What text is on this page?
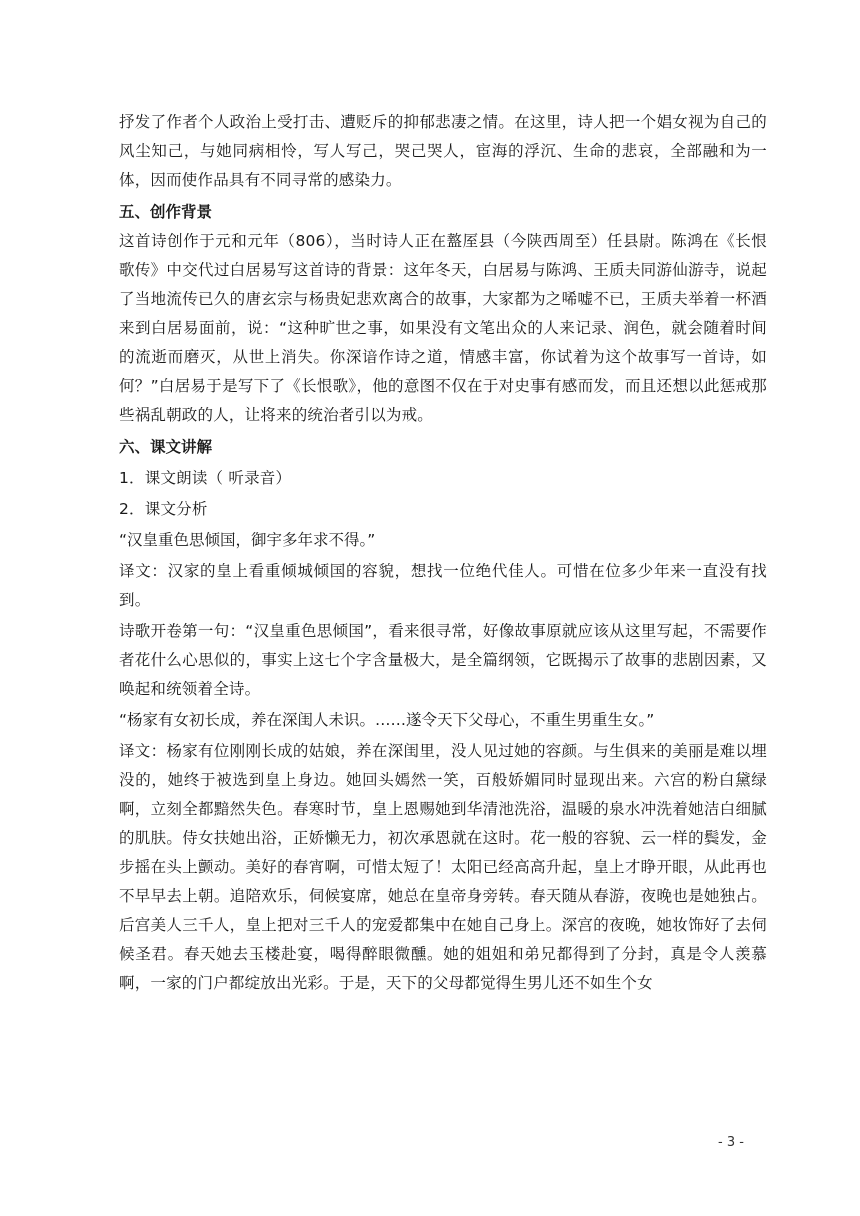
抒发了作者个人政治上受打击、遭贬斥的抑郁悲凄之情。在这里，诗人把一个娼女视为自己的风尘知己，与她同病相怜，写人写己，哭己哭人，宦海的浮沉、生命的悲哀，全部融和为一体，因而使作品具有不同寻常的感染力。

五、创作背景

这首诗创作于元和元年（806），当时诗人正在盩厔县（今陕西周至）任县尉。陈鸿在《长恨歌传》中交代过白居易写这首诗的背景：这年冬天，白居易与陈鸿、王质夫同游仙游寺，说起了当地流传已久的唐玄宗与杨贵妃悲欢离合的故事，大家都为之唏嘘不已，王质夫举着一杯酒来到白居易面前，说：“这种旷世之事，如果没有文笔出众的人来记录、润色，就会随着时间的流逝而磨灭，从世上消失。你深谙作诗之道，情感丰富，你试着为这个故事写一首诗，如何？”白居易于是写下了《长恨歌》，他的意图不仅在于对史事有感而发，而且还想以此惩戒那些祸乱朝政的人，让将来的统治者引以为戒。

六、课文讲解

1．课文朗读（ 听录音）

2．课文分析

“汉皇重色思倾国，御宇多年求不得。”

译文：汉家的皇上看重倾城倾国的容貌，想找一位绝代佳人。可惜在位多少年来一直没有找到。

诗歌开卷第一句：“汉皇重色思倾国”，看来很寻常，好像故事原就应该从这里写起，不需要作者花什么心思似的，事实上这七个字含量极大，是全篇纲领，它既揭示了故事的悲剧因素，又唤起和统领着全诗。

“杨家有女初长成，养在深闺人未识。……遂令天下父母心，不重生男重生女。”

译文：杨家有位刚刚长成的姑娘，养在深闺里，没人见过她的容颜。与生俱来的美丽是难以埋没的，她终于被选到皇上身边。她回头嫣然一笑，百般娇媚同时显现出来。六宫的粉白黛绿啊，立刻全都黯然失色。春寒时节，皇上恩赐她到华清池洗浴，温暖的泉水冲洗着她洁白细腻的肌肤。侍女扶她出浴，正娇懒无力，初次承恩就在这时。花一般的容貌、云一样的鬓发，金步摇在头上颤动。美好的春宵啊，可惜太短了！太阳已经高高升起，皇上才睁开眼，从此再也不早早去上朝。追陪欢乐，伺候宴席，她总在皇帝身旁转。春天随从春游，夜晚也是她独占。后宫美人三千人，皇上把对三千人的宠爱都集中在她自己身上。深宫的夜晚，她妆饰好了去伺候圣君。春天她去玉楼赴宴，喝得醉眼微醺。她的姐姐和弟兄都得到了分封，真是令人羡慕啊，一家的门户都绽放出光彩。于是，天下的父母都觉得生男儿还不如生个女

- 3 -
